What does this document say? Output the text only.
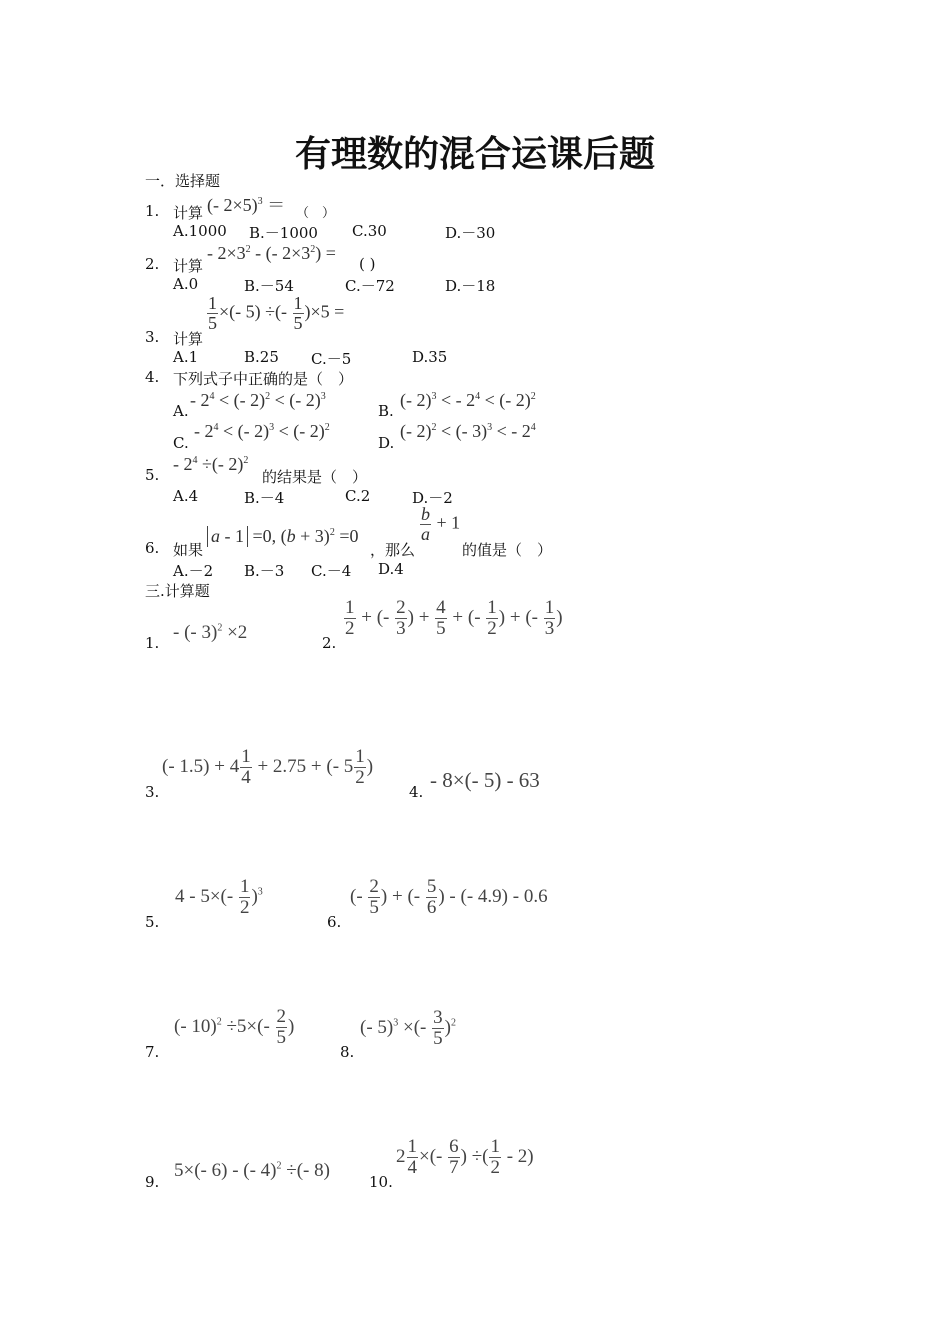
有理数的混合运课后题
一．选择题
1. 计算 (- 2×5)$^3$ ＝ （　）
A.1000 B.－1000 C.30	D.－30
2. 计算
- $2\times 3^2$ - (- $2\times 3^2$) =
( )
A.0	B.－54	C.－72	D.－18
3. 计算
$\frac{1}{5}$ ×(- 5) ÷(- $\frac{1}{5} )\times 5$ =
A.1	B.25 C.－5	D.35
4. 下列式子中正确的是（　）
A.
- $2^4$ < (- 2)$^2$ < (- 2)$^3$
B.
(- 2)$^3$ < - $2^4$ < (- 2)$^2$
C.
- $2^4$ < (- 2)$^3$ < (- 2)$^2$
D.
(- 2)$^2$ < (- 3)$^3$ < - $2^4$
5.
- $2^4$ ÷(- 2)$^2$
的结果是（　）
A.4	B.－4	C.2	D.－2
6. 如果
a - 1 =0, $(b + 3)^2 =0$
，那么
$\frac{b}{a} + 1$
的值是（　）
A.－2 B.－3 C.－4 D.4
三.计算题
1. - (- 3)$^2$ ×2	2.
$\frac{1}{2}$ + (- $\frac{2}{3}$ ) + $\frac{4}{5}$ + (- $\frac{1}{2}$ ) + (- $\frac{1}{3}$ )
3.
(- $1.5) + 4 \frac{1}{4} + 2.75$ + (- $5 \frac{1}{2}$ )
4. - 8×(- 5) - 63
5.
$4 - 5\times(- \frac{1}{2} )^3$
6.
(- $\frac{2}{5}$ ) + (- $\frac{5}{6}$ ) - (- 4.9) - 0.6
7.
(- $10)^2 \div 5\times(- \frac{2}{5}$ )
8.
(- 5)$^3$ ×(- $\frac{3}{5} )^2$
9.
5×(- 6) - (- 4)$^2$ ÷(- 8)
10.
$2 \frac{1}{4}$ ×(- $\frac{6}{7}$ ) ÷( $\frac{1}{2} - 2$)
